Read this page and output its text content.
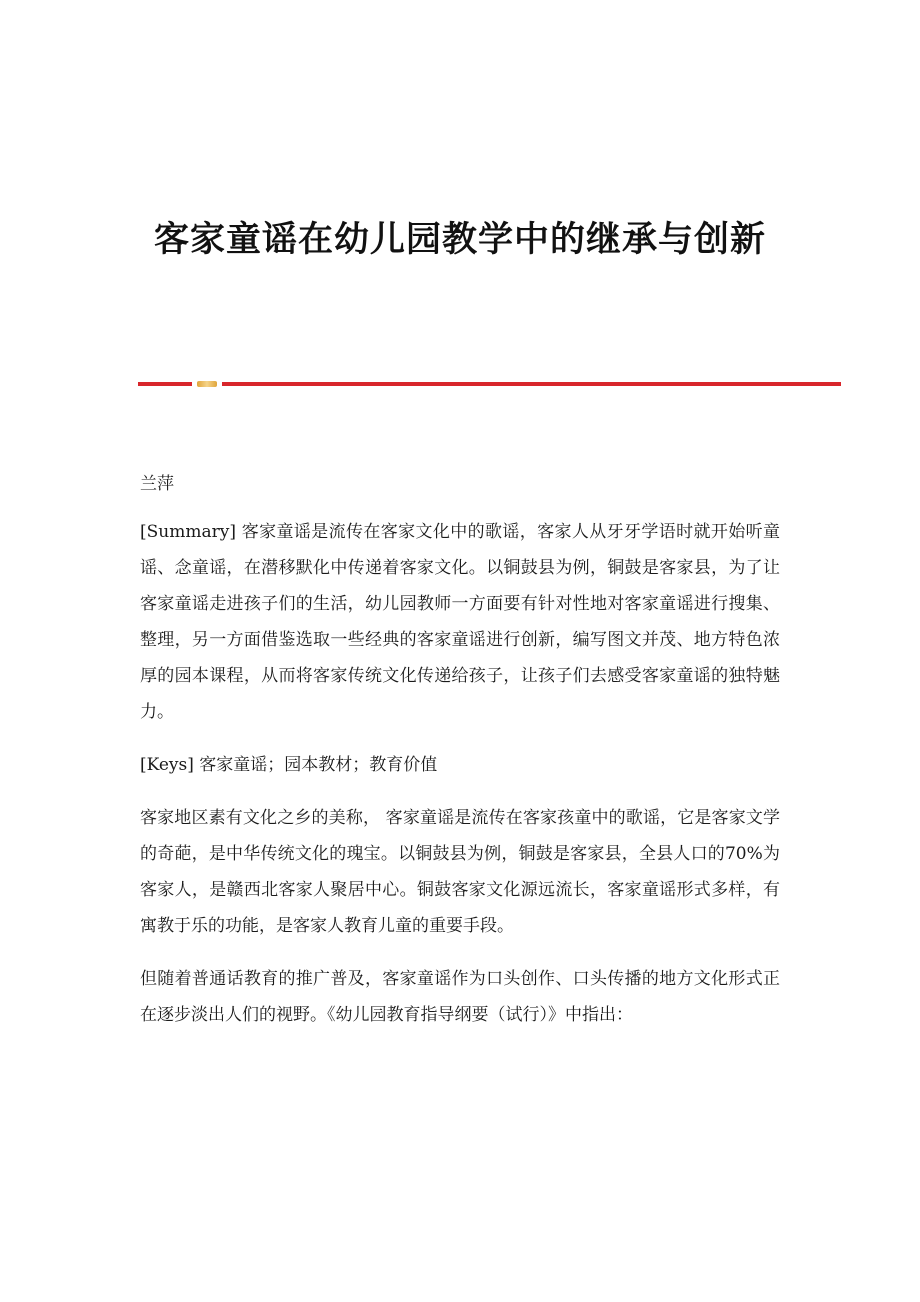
客家童谣在幼儿园教学中的继承与创新

兰萍

[Summary] 客家童谣是流传在客家文化中的歌谣，客家人从牙牙学语时就开始听童谣、念童谣，在潜移默化中传递着客家文化。以铜鼓县为例，铜鼓是客家县，为了让客家童谣走进孩子们的生活，幼儿园教师一方面要有针对性地对客家童谣进行搜集、整理，另一方面借鉴选取一些经典的客家童谣进行创新，编写图文并茂、地方特色浓厚的园本课程，从而将客家传统文化传递给孩子，让孩子们去感受客家童谣的独特魅力。

[Keys] 客家童谣；园本教材；教育价值

客家地区素有文化之乡的美称， 客家童谣是流传在客家孩童中的歌谣，它是客家文学的奇葩，是中华传统文化的瑰宝。以铜鼓县为例，铜鼓是客家县，全县人口的70%为客家人，是赣西北客家人聚居中心。铜鼓客家文化源远流长，客家童谣形式多样，有寓教于乐的功能，是客家人教育儿童的重要手段。

但随着普通话教育的推广普及，客家童谣作为口头创作、口头传播的地方文化形式正在逐步淡出人们的视野。《幼儿园教育指导纲要（试行）》中指出：
